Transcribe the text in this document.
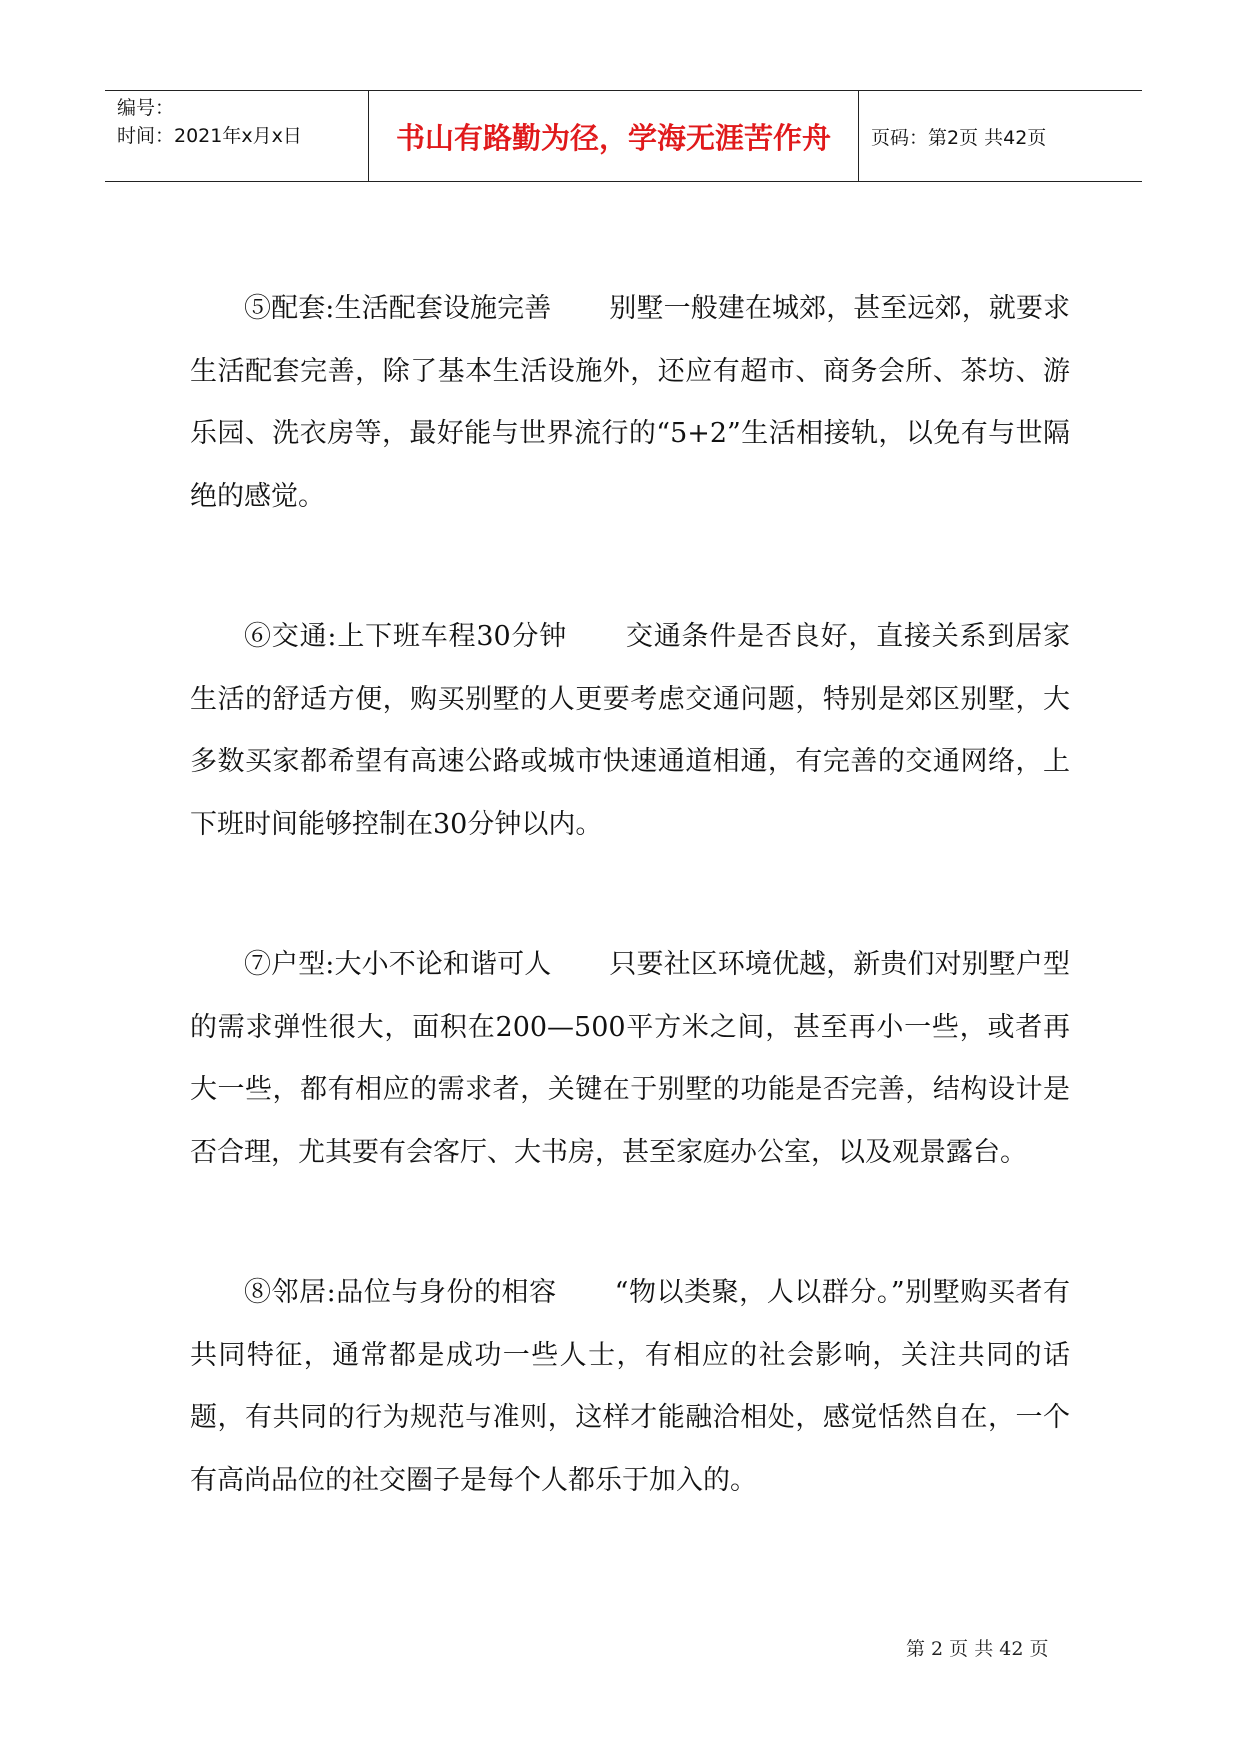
编号：
时间：2021年x月x日	书山有路勤为径，学海无涯苦作舟 页码：第2页 共42页

⑤配套:生活配套设施完善 别墅一般建在城郊，甚至远郊，就要求生活配套完善，除了基本生活设施外，还应有超市、商务会所、茶坊、游乐园、洗衣房等，最好能与世界流行的“5+2”生活相接轨，以免有与世隔绝的感觉。

⑥交通:上下班车程30分钟 交通条件是否良好，直接关系到居家生活的舒适方便，购买别墅的人更要考虑交通问题，特别是郊区别墅，大多数买家都希望有高速公路或城市快速通道相通，有完善的交通网络，上下班时间能够控制在30分钟以内。

⑦户型:大小不论和谐可人 只要社区环境优越，新贵们对别墅户型的需求弹性很大，面积在200—500平方米之间，甚至再小一些，或者再大一些，都有相应的需求者，关键在于别墅的功能是否完善，结构设计是否合理，尤其要有会客厅、大书房，甚至家庭办公室，以及观景露台。

⑧邻居:品位与身份的相容 “物以类聚，人以群分。”别墅购买者有共同特征，通常都是成功一些人士，有相应的社会影响，关注共同的话题，有共同的行为规范与准则，这样才能融洽相处，感觉恬然自在，一个有高尚品位的社交圈子是每个人都乐于加入的。

第 2 页 共 42 页
